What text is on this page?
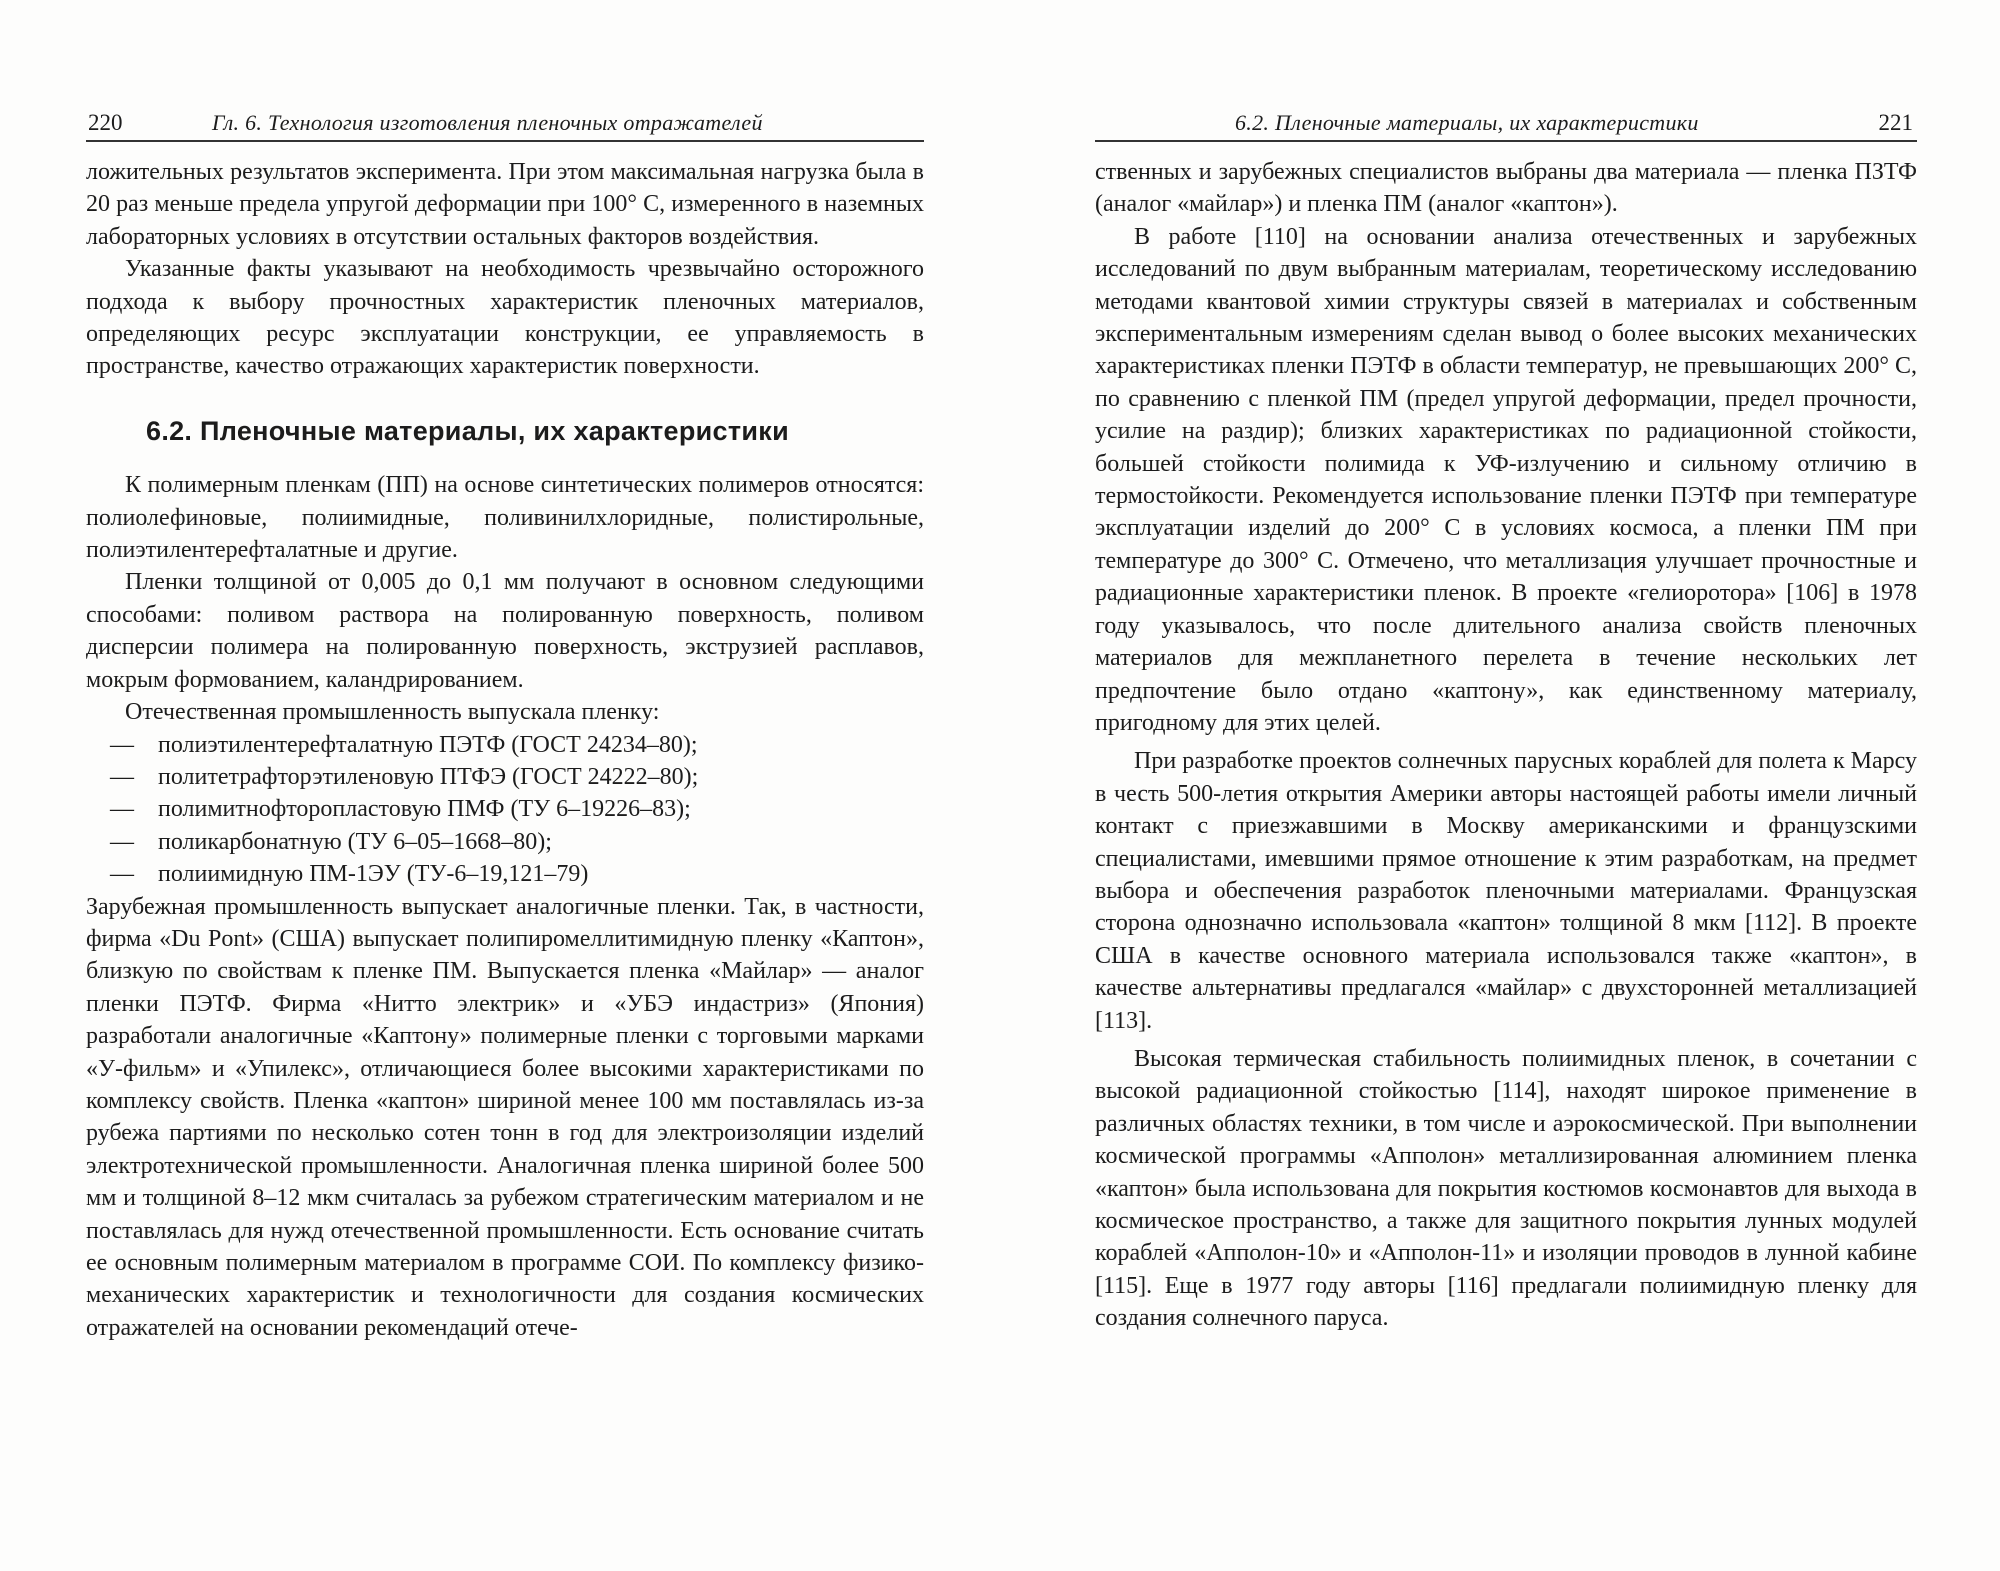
220	Гл. 6. Технология изготовления пленочных отражателей

ложительных результатов эксперимента. При этом максимальная нагрузка была в 20 раз меньше предела упругой деформации при 100° С, измеренного в наземных лабораторных условиях в отсутствии остальных факторов воздействия.

Указанные факты указывают на необходимость чрезвычайно осторожного подхода к выбору прочностных характеристик пленочных материалов, определяющих ресурс эксплуатации конструкции, ее управляемость в пространстве, качество отражающих характеристик поверхности.

6.2. Пленочные материалы, их характеристики

К полимерным пленкам (ПП) на основе синтетических полимеров относятся: полиолефиновые, полиимидные, поливинилхлоридные, полистирольные, полиэтилентерефталатные и другие.

Пленки толщиной от 0,005 до 0,1 мм получают в основном следующими способами: поливом раствора на полированную поверхность, поливом дисперсии полимера на полированную поверхность, экструзией расплавов, мокрым формованием, каландрированием.

Отечественная промышленность выпускала пленку:

— полиэтилентерефталатную ПЭТФ (ГОСТ 24234–80);
— политетрафторэтиленовую ПТФЭ (ГОСТ 24222–80);
— полимитнофторопластовую ПМФ (ТУ 6–19226–83);
— поликарбонатную (ТУ 6–05–1668–80);
— полиимидную ПМ-1ЭУ (ТУ-6–19,121–79)

Зарубежная промышленность выпускает аналогичные пленки. Так, в частности, фирма «Du Pont» (США) выпускает полипиромеллитимидную пленку «Каптон», близкую по свойствам к пленке ПМ. Выпускается пленка «Майлар» — аналог пленки ПЭТФ. Фирма «Нитто электрик» и «УБЭ индастриз» (Япония) разработали аналогичные «Каптону» полимерные пленки с торговыми марками «У-фильм» и «Упилекс», отличающиеся более высокими характеристиками по комплексу свойств. Пленка «каптон» шириной менее 100 мм поставлялась из-за рубежа партиями по несколько сотен тонн в год для электроизоляции изделий электротехнической промышленности. Аналогичная пленка шириной более 500 мм и толщиной 8–12 мкм считалась за рубежом стратегическим материалом и не поставлялась для нужд отечественной промышленности. Есть основание считать ее основным полимерным материалом в программе СОИ. По комплексу физико-механических характеристик и технологичности для создания космических отражателей на основании рекомендаций отече-

6.2. Пленочные материалы, их характеристики	221

ственных и зарубежных специалистов выбраны два материала — пленка ПЗТФ (аналог «майлар») и пленка ПМ (аналог «каптон»).

В работе [110] на основании анализа отечественных и зарубежных исследований по двум выбранным материалам, теоретическому исследованию методами квантовой химии структуры связей в материалах и собственным экспериментальным измерениям сделан вывод о более высоких механических характеристиках пленки ПЭТФ в области температур, не превышающих 200° С, по сравнению с пленкой ПМ (предел упругой деформации, предел прочности, усилие на раздир); близких характеристиках по радиационной стойкости, большей стойкости полимида к УФ-излучению и сильному отличию в термостойкости. Рекомендуется использование пленки ПЭТФ при температуре эксплуатации изделий до 200° С в условиях космоса, а пленки ПМ при температуре до 300° С. Отмечено, что металлизация улучшает прочностные и радиационные характеристики пленок. В проекте «гелиоротора» [106] в 1978 году указывалось, что после длительного анализа свойств пленочных материалов для межпланетного перелета в течение нескольких лет предпочтение было отдано «каптону», как единственному материалу, пригодному для этих целей.

При разработке проектов солнечных парусных кораблей для полета к Марсу в честь 500-летия открытия Америки авторы настоящей работы имели личный контакт с приезжавшими в Москву американскими и французскими специалистами, имевшими прямое отношение к этим разработкам, на предмет выбора и обеспечения разработок пленочными материалами. Французская сторона однозначно использовала «каптон» толщиной 8 мкм [112]. В проекте США в качестве основного материала использовался также «каптон», в качестве альтернативы предлагался «майлар» с двухсторонней металлизацией [113].

Высокая термическая стабильность полиимидных пленок, в сочетании с высокой радиационной стойкостью [114], находят широкое применение в различных областях техники, в том числе и аэрокосмической. При выполнении космической программы «Апполон» металлизированная алюминием пленка «каптон» была использована для покрытия костюмов космонавтов для выхода в космическое пространство, а также для защитного покрытия лунных модулей кораблей «Апполон-10» и «Апполон-11» и изоляции проводов в лунной кабине [115]. Еще в 1977 году авторы [116] предлагали полиимидную пленку для создания солнечного паруса.
